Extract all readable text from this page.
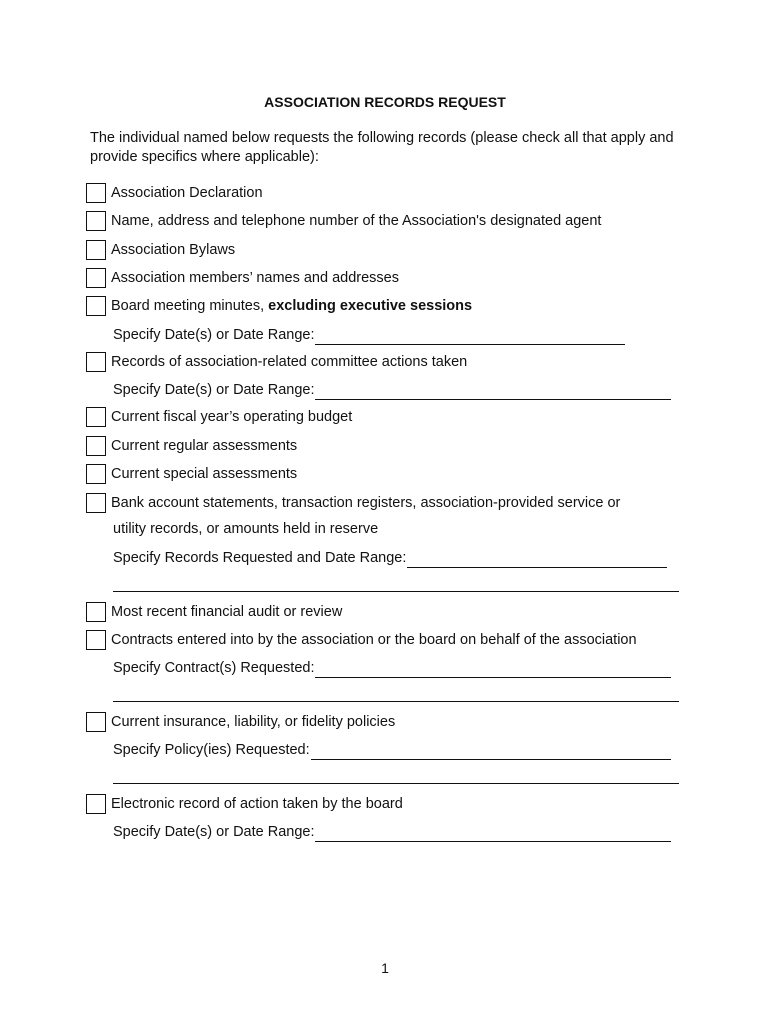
ASSOCIATION RECORDS REQUEST
The individual named below requests the following records (please check all that apply and provide specifics where applicable):
Association Declaration
Name, address and telephone number of the Association's designated agent
Association Bylaws
Association members’ names and addresses
Board meeting minutes, excluding executive sessions
Specify Date(s) or Date Range:
Records of association-related committee actions taken
Specify Date(s) or Date Range:
Current fiscal year’s operating budget
Current regular assessments
Current special assessments
Bank account statements, transaction registers, association-provided service or
utility records, or amounts held in reserve
Specify Records Requested and Date Range:
Most recent financial audit or review
Contracts entered into by the association or the board on behalf of the association
Specify Contract(s) Requested:
Current insurance, liability, or fidelity policies
Specify Policy(ies) Requested:
Electronic record of action taken by the board
Specify Date(s) or Date Range:
1
